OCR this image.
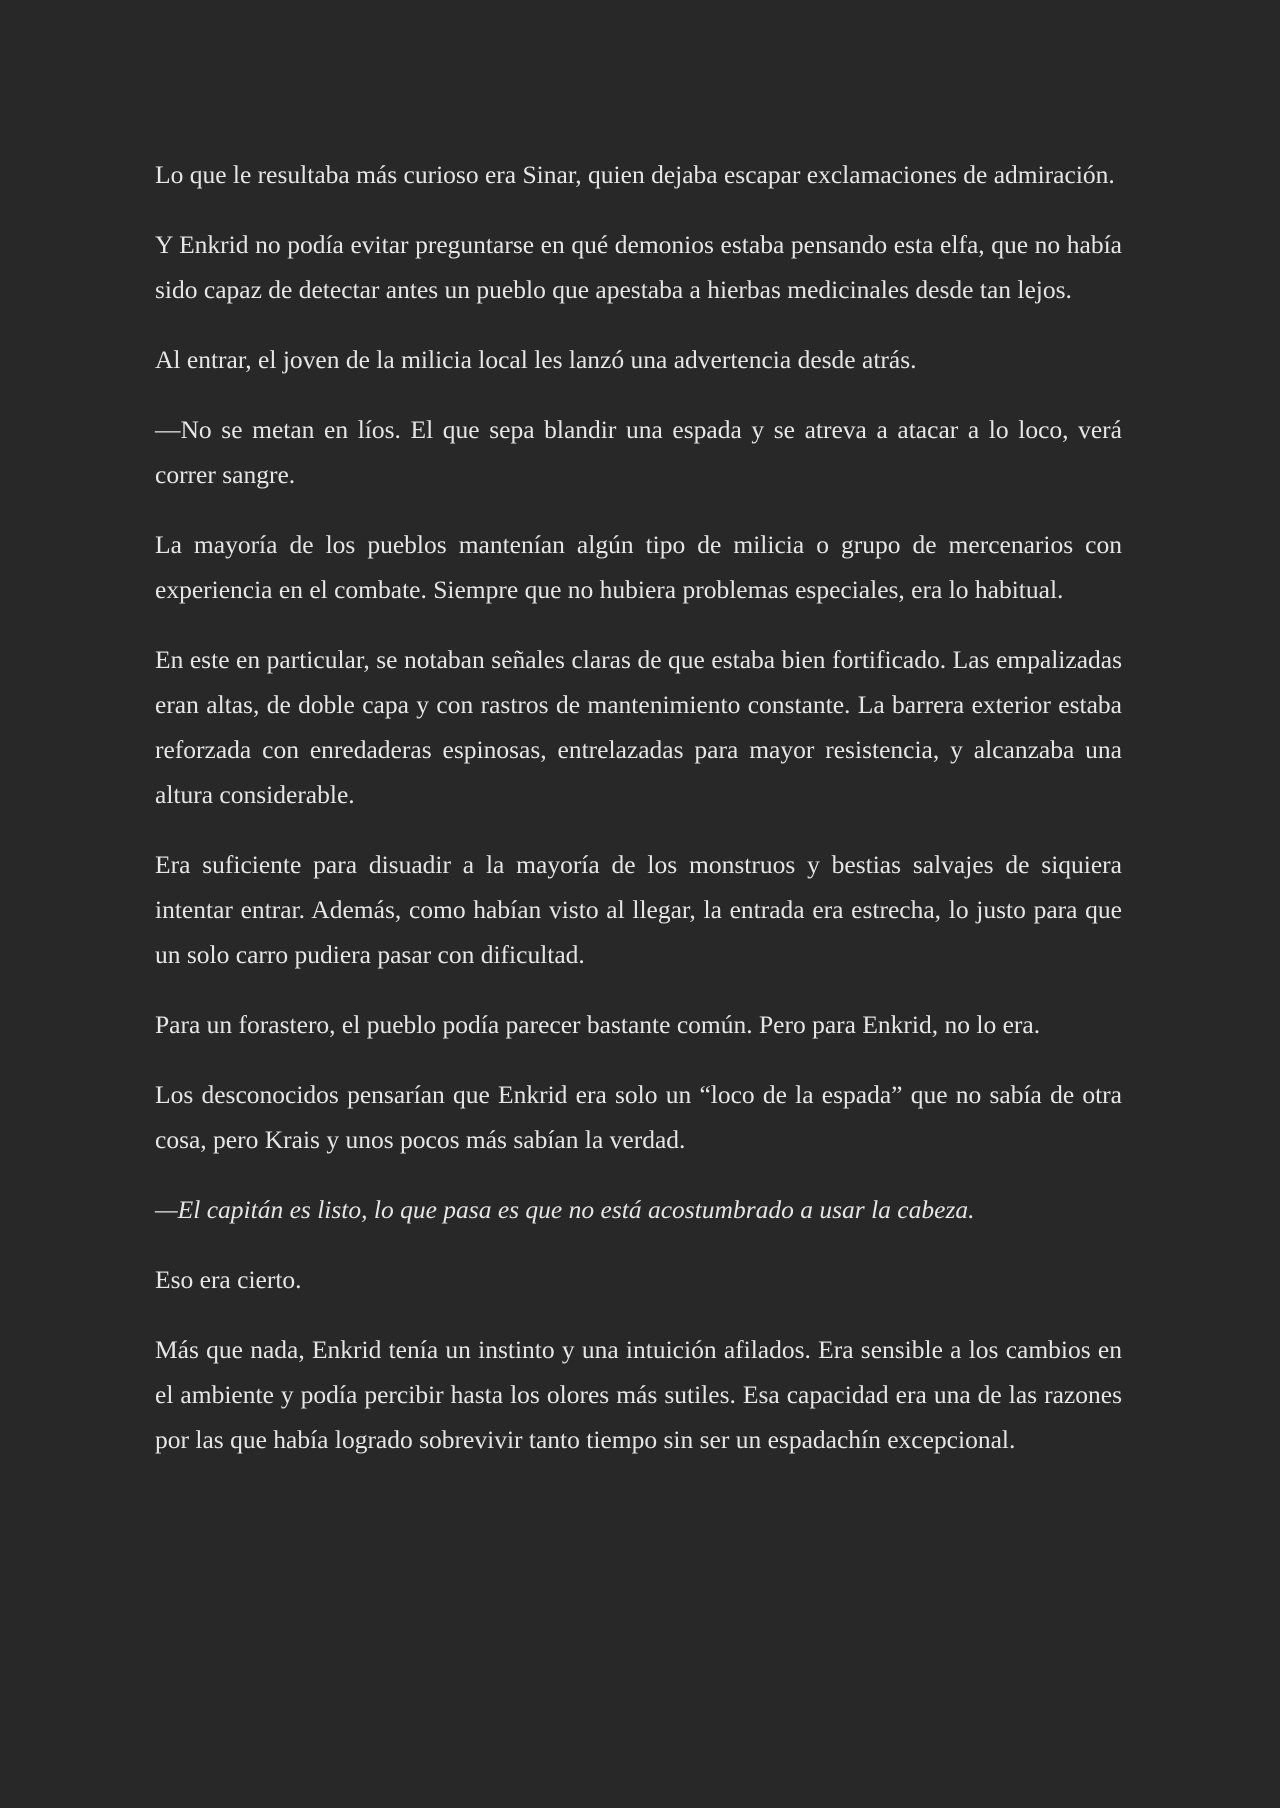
Lo que le resultaba más curioso era Sinar, quien dejaba escapar exclamaciones de admiración.

Y Enkrid no podía evitar preguntarse en qué demonios estaba pensando esta elfa, que no había sido capaz de detectar antes un pueblo que apestaba a hierbas medicinales desde tan lejos.

Al entrar, el joven de la milicia local les lanzó una advertencia desde atrás.

—No se metan en líos. El que sepa blandir una espada y se atreva a atacar a lo loco, verá correr sangre.

La mayoría de los pueblos mantenían algún tipo de milicia o grupo de mercenarios con experiencia en el combate. Siempre que no hubiera problemas especiales, era lo habitual.

En este en particular, se notaban señales claras de que estaba bien fortificado. Las empalizadas eran altas, de doble capa y con rastros de mantenimiento constante. La barrera exterior estaba reforzada con enredaderas espinosas, entrelazadas para mayor resistencia, y alcanzaba una altura considerable.

Era suficiente para disuadir a la mayoría de los monstruos y bestias salvajes de siquiera intentar entrar. Además, como habían visto al llegar, la entrada era estrecha, lo justo para que un solo carro pudiera pasar con dificultad.

Para un forastero, el pueblo podía parecer bastante común. Pero para Enkrid, no lo era.

Los desconocidos pensarían que Enkrid era solo un “loco de la espada” que no sabía de otra cosa, pero Krais y unos pocos más sabían la verdad.

—El capitán es listo, lo que pasa es que no está acostumbrado a usar la cabeza.

Eso era cierto.

Más que nada, Enkrid tenía un instinto y una intuición afilados. Era sensible a los cambios en el ambiente y podía percibir hasta los olores más sutiles. Esa capacidad era una de las razones por las que había logrado sobrevivir tanto tiempo sin ser un espadachín excepcional.
